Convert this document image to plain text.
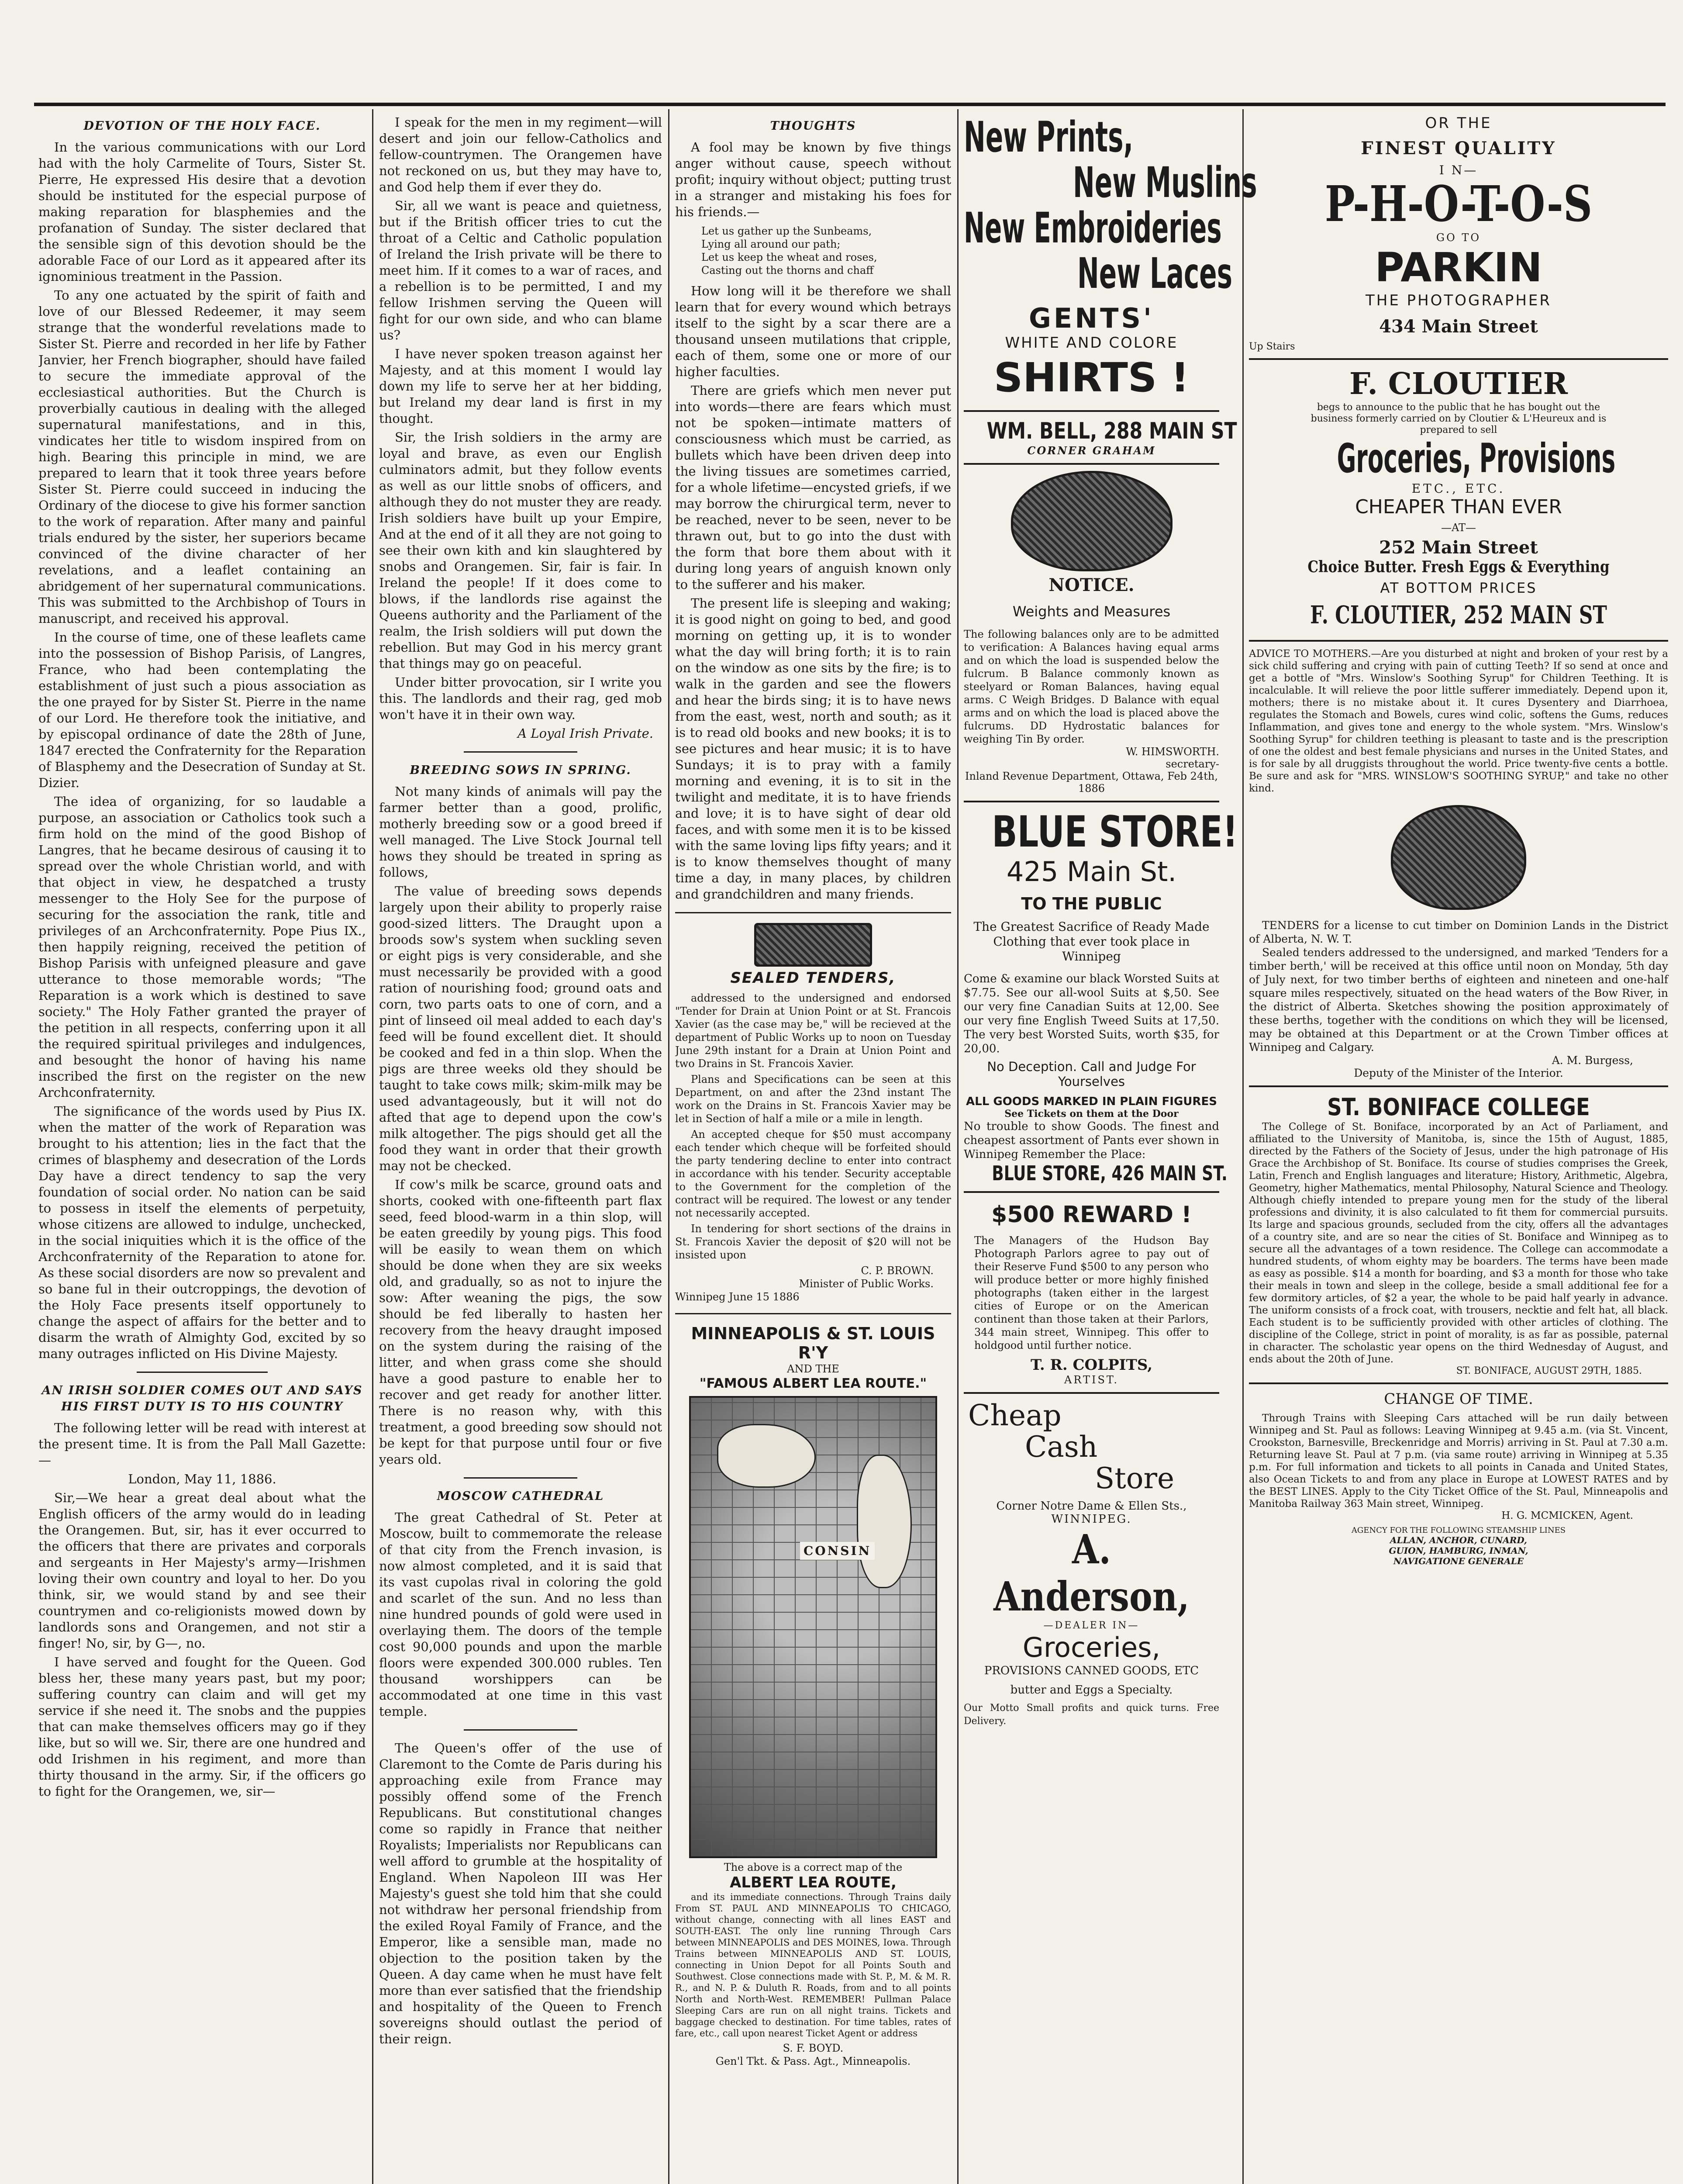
DEVOTION OF THE HOLY FACE.

In the various communications with our Lord had with the holy Carmelite of Tours, Sister St. Pierre, He expressed His desire that a devotion should be instituted for the especial purpose of making reparation for blasphemies and the profanation of Sunday. The sister declared that the sensible sign of this devotion should be the adorable Face of our Lord as it appeared after its ignominious treatment in the Passion.

To any one actuated by the spirit of faith and love of our Blessed Redeemer, it may seem strange that the wonderful revelations made to Sister St. Pierre and recorded in her life by Father Janvier, her French biographer, should have failed to secure the immediate approval of the ecclesiastical authorities. But the Church is proverbially cautious in dealing with the alleged supernatural manifestations, and in this, vindicates her title to wisdom inspired from on high. Bearing this principle in mind, we are prepared to learn that it took three years before Sister St. Pierre could succeed in inducing the Ordinary of the diocese to give his former sanction to the work of reparation. After many and painful trials endured by the sister, her superiors became convinced of the divine character of her revelations, and a leaflet containing an abridgement of her supernatural communications. This was submitted to the Archbishop of Tours in manuscript, and received his approval.

In the course of time, one of these leaflets came into the possession of Bishop Parisis, of Langres, France, who had been contemplating the establishment of just such a pious association as the one prayed for by Sister St. Pierre in the name of our Lord. He therefore took the initiative, and by episcopal ordinance of date the 28th of June, 1847 erected the Confraternity for the Reparation of Blasphemy and the Desecration of Sunday at St. Dizier.

The idea of organizing, for so laudable a purpose, an association or Catholics took such a firm hold on the mind of the good Bishop of Langres, that he became desirous of causing it to spread over the whole Christian world, and with that object in view, he despatched a trusty messenger to the Holy See for the purpose of securing for the association the rank, title and privileges of an Archconfraternity. Pope Pius IX., then happily reigning, received the petition of Bishop Parisis with unfeigned pleasure and gave utterance to those memorable words; "The Reparation is a work which is destined to save society." The Holy Father granted the prayer of the petition in all respects, conferring upon it all the required spiritual privileges and indulgences, and besought the honor of having his name inscribed the first on the register on the new Archconfraternity.

The significance of the words used by Pius IX. when the matter of the work of Reparation was brought to his attention; lies in the fact that the crimes of blasphemy and desecration of the Lords Day have a direct tendency to sap the very foundation of social order. No nation can be said to possess in itself the elements of perpetuity, whose citizens are allowed to indulge, unchecked, in the social iniquities which it is the office of the Archconfraternity of the Reparation to atone for. As these social disorders are now so prevalent and so bane ful in their outcroppings, the devotion of the Holy Face presents itself opportunely to change the aspect of affairs for the better and to disarm the wrath of Almighty God, excited by so many outrages inflicted on His Divine Majesty.

AN IRISH SOLDIER COMES OUT AND SAYS HIS FIRST DUTY IS TO HIS COUNTRY

The following letter will be read with interest at the present time. It is from the Pall Mall Gazette:—

London, May 11, 1886.

Sir,—We hear a great deal about what the English officers of the army would do in leading the Orangemen. But, sir, has it ever occurred to the officers that there are privates and corporals and sergeants in Her Majesty's army—Irishmen loving their own country and loyal to her. Do you think, sir, we would stand by and see their countrymen and co-religionists mowed down by landlords sons and Orangemen, and not stir a finger! No, sir, by G—, no.

I have served and fought for the Queen. God bless her, these many years past, but my poor; suffering country can claim and will get my service if she need it. The snobs and the puppies that can make themselves officers may go if they like, but so will we. Sir, there are one hundred and odd Irishmen in his regiment, and more than thirty thousand in the army. Sir, if the officers go to fight for the Orangemen, we, sir—

I speak for the men in my regiment—will desert and join our fellow-Catholics and fellow-countrymen. The Orangemen have not reckoned on us, but they may have to, and God help them if ever they do.

Sir, all we want is peace and quietness, but if the British officer tries to cut the throat of a Celtic and Catholic population of Ireland the Irish private will be there to meet him. If it comes to a war of races, and a rebellion is to be permitted, I and my fellow Irishmen serving the Queen will fight for our own side, and who can blame us?

I have never spoken treason against her Majesty, and at this moment I would lay down my life to serve her at her bidding, but Ireland my dear land is first in my thought.

Sir, the Irish soldiers in the army are loyal and brave, as even our English culminators admit, but they follow events as well as our little snobs of officers, and although they do not muster they are ready. Irish soldiers have built up your Empire, And at the end of it all they are not going to see their own kith and kin slaughtered by snobs and Orangemen. Sir, fair is fair. In Ireland the people! If it does come to blows, if the landlords rise against the Queens authority and the Parliament of the realm, the Irish soldiers will put down the rebellion. But may God in his mercy grant that things may go on peaceful.

Under bitter provocation, sir I write you this. The landlords and their rag, ged mob won't have it in their own way.

A Loyal Irish Private.
BREEDING SOWS IN SPRING.

Not many kinds of animals will pay the farmer better than a good, prolific, motherly breeding sow or a good breed if well managed. The Live Stock Journal tell hows they should be treated in spring as follows,

The value of breeding sows depends largely upon their ability to properly raise good-sized litters. The Draught upon a broods sow's system when suckling seven or eight pigs is very considerable, and she must necessarily be provided with a good ration of nourishing food; ground oats and corn, two parts oats to one of corn, and a pint of linseed oil meal added to each day's feed will be found excellent diet. It should be cooked and fed in a thin slop. When the pigs are three weeks old they should be taught to take cows milk; skim-milk may be used advantageously, but it will not do afted that age to depend upon the cow's milk altogether. The pigs should get all the food they want in order that their growth may not be checked.

If cow's milk be scarce, ground oats and shorts, cooked with one-fifteenth part flax seed, feed blood-warm in a thin slop, will be eaten greedily by young pigs. This food will be easily to wean them on which should be done when they are six weeks old, and gradually, so as not to injure the sow: After weaning the pigs, the sow should be fed liberally to hasten her recovery from the heavy draught imposed on the system during the raising of the litter, and when grass come she should have a good pasture to enable her to recover and get ready for another litter. There is no reason why, with this treatment, a good breeding sow should not be kept for that purpose until four or five years old.

MOSCOW CATHEDRAL

The great Cathedral of St. Peter at Moscow, built to commemorate the release of that city from the French invasion, is now almost completed, and it is said that its vast cupolas rival in coloring the gold and scarlet of the sun. And no less than nine hundred pounds of gold were used in overlaying them. The doors of the temple cost 90,000 pounds and upon the marble floors were expended 300.000 rubles. Ten thousand worshippers can be accommodated at one time in this vast temple.

The Queen's offer of the use of Claremont to the Comte de Paris during his approaching exile from France may possibly offend some of the French Republicans. But constitutional changes come so rapidly in France that neither Royalists; Imperialists nor Republicans can well afford to grumble at the hospitality of England. When Napoleon III was Her Majesty's guest she told him that she could not withdraw her personal friendship from the exiled Royal Family of France, and the Emperor, like a sensible man, made no objection to the position taken by the Queen. A day came when he must have felt more than ever satisfied that the friendship and hospitality of the Queen to French sovereigns should outlast the period of their reign.

THOUGHTS

A fool may be known by five things anger without cause, speech without profit; inquiry without object; putting trust in a stranger and mistaking his foes for his friends.—

Let us gather up the Sunbeams,
Lying all around our path;
Let us keep the wheat and roses,
Casting out the thorns and chaff

How long will it be therefore we shall learn that for every wound which betrays itself to the sight by a scar there are a thousand unseen mutilations that cripple, each of them, some one or more of our higher faculties.

There are griefs which men never put into words—there are fears which must not be spoken—intimate matters of consciousness which must be carried, as bullets which have been driven deep into the living tissues are sometimes carried, for a whole lifetime—encysted griefs, if we may borrow the chirurgical term, never to be reached, never to be seen, never to be thrawn out, but to go into the dust with the form that bore them about with it during long years of anguish known only to the sufferer and his maker.

The present life is sleeping and waking; it is good night on going to bed, and good morning on getting up, it is to wonder what the day will bring forth; it is to rain on the window as one sits by the fire; is to walk in the garden and see the flowers and hear the birds sing; it is to have news from the east, west, north and south; as it is to read old books and new books; it is to see pictures and hear music; it is to have Sundays; it is to pray with a family morning and evening, it is to sit in the twilight and meditate, it is to have friends and love; it is to have sight of dear old faces, and with some men it is to be kissed with the same loving lips fifty years; and it is to know themselves thought of many time a day, in many places, by children and grandchildren and many friends.

SEALED TENDERS,

addressed to the undersigned and endorsed "Tender for Drain at Union Point or at St. Francois Xavier (as the case may be," will be recieved at the department of Public Works up to noon on Tuesday June 29th instant for a Drain at Union Point and two Drains in St. Francois Xavier.

Plans and Specifications can be seen at this Department, on and after the 23nd instant The work on the Drains in St. Francois Xavier may be let in Section of half a mile or a mile in length.

An accepted cheque for $50 must accompany each tender which cheque will be forfeited should the party tendering decline to enter into contract in accordance with his tender. Security acceptable to the Government for the completion of the contract will be required. The lowest or any tender not necessarily accepted.

In tendering for short sections of the drains in St. Francois Xavier the deposit of $20 will not be insisted upon

C. P. BROWN.
Minister of Public Works.
Winnipeg June 15 1886
MINNEAPOLIS & ST. LOUIS R'Y
AND THE
"FAMOUS ALBERT LEA ROUTE."
CONSIN
The above is a correct map of the
ALBERT LEA ROUTE,

and its immediate connections. Through Trains daily From ST. PAUL AND MINNEAPOLIS TO CHICAGO, without change, connecting with all lines EAST and SOUTH-EAST. The only line running Through Cars between MINNEAPOLIS and DES MOINES, Iowa. Through Trains between MINNEAPOLIS AND ST. LOUIS, connecting in Union Depot for all Points South and Southwest. Close connections made with St. P., M. & M. R. R., and N. P. & Duluth R. Roads, from and to all points North and North-West. REMEMBER! Pullman Palace Sleeping Cars are run on all night trains. Tickets and baggage checked to destination. For time tables, rates of fare, etc., call upon nearest Ticket Agent or address

S. F. BOYD.
Gen'l Tkt. & Pass. Agt., Minneapolis.
New Prints,
New Muslins
New Embroideries
New Laces
GENTS'
WHITE AND COLORE
SHIRTS !
WM. BELL, 288 MAIN ST
CORNER GRAHAM
NOTICE.
Weights and Measures
The following balances only are to be admitted to verification: A Balances having equal arms and on which the load is suspended below the fulcrum. B Balance commonly known as steelyard or Roman Balances, having equal arms. C Weigh Bridges. D Balance with equal arms and on which the load is placed above the fulcrums. DD Hydrostatic balances for weighing Tin By order.
W. HIMSWORTH.
secretary-
Inland Revenue Department, Ottawa, Feb 24th, 1886
BLUE STORE!
425 Main St.
TO THE PUBLIC
The Greatest Sacrifice of Ready Made Clothing that ever took place in Winnipeg
Come & examine our black Worsted Suits at $7.75. See our all-wool Suits at $,50. See our very fine Canadian Suits at 12,00. See our very fine English Tweed Suits at 17,50. The very best Worsted Suits, worth $35, for 20,00.
No Deception. Call and Judge For Yourselves
ALL GOODS MARKED IN PLAIN FIGURES
See Tickets on them at the Door
No trouble to show Goods. The finest and cheapest assortment of Pants ever shown in Winnipeg Remember the Place:
BLUE STORE, 426 MAIN ST.
$500 REWARD !
The Managers of the Hudson Bay Photograph Parlors agree to pay out of their Reserve Fund $500 to any person who will produce better or more highly finished photographs (taken either in the largest cities of Europe or on the American continent than those taken at their Parlors, 344 main street, Winnipeg. This offer to holdgood until further notice.
T. R. COLPITS,
ARTIST.
Cheap
Cash
Store
Corner Notre Dame & Ellen Sts.,
WINNIPEG.
A. Anderson,
—DEALER IN—
Groceries,
PROVISIONS CANNED GOODS, ETC
butter and Eggs a Specialty.
Our Motto Small profits and quick turns. Free Delivery.
OR THE
FINEST QUALITY
I N—
P-H-O-T-O-S
GO TO
PARKIN
THE PHOTOGRAPHER
434 Main Street
Up Stairs
F. CLOUTIER
begs to announce to the public that he has bought out the business formerly carried on by Cloutier & L'Heureux and is prepared to sell
Groceries, Provisions
ETC., ETC.
CHEAPER THAN EVER
—AT—
252 Main Street
Choice Butter. Fresh Eggs & Everything
AT BOTTOM PRICES
F. CLOUTIER, 252 MAIN ST
ADVICE TO MOTHERS.—Are you disturbed at night and broken of your rest by a sick child suffering and crying with pain of cutting Teeth? If so send at once and get a bottle of "Mrs. Winslow's Soothing Syrup" for Children Teething. It is incalculable. It will relieve the poor little sufferer immediately. Depend upon it, mothers; there is no mistake about it. It cures Dysentery and Diarrhoea, regulates the Stomach and Bowels, cures wind colic, softens the Gums, reduces Inflammation, and gives tone and energy to the whole system. "Mrs. Winslow's Soothing Syrup" for children teething is pleasant to taste and is the prescription of one the oldest and best female physicians and nurses in the United States, and is for sale by all druggists throughout the world. Price twenty-five cents a bottle. Be sure and ask for "MRS. WINSLOW'S SOOTHING SYRUP," and take no other kind.
TENDERS for a license to cut timber on Dominion Lands in the District of Alberta, N. W. T.
Sealed tenders addressed to the undersigned, and marked 'Tenders for a timber berth,' will be received at this office until noon on Monday, 5th day of July next, for two timber berths of eighteen and nineteen and one-half square miles respectively, situated on the head waters of the Bow River, in the district of Alberta. Sketches showing the position approximately of these berths, together with the conditions on which they will be licensed, may be obtained at this Department or at the Crown Timber offices at Winnipeg and Calgary.
A. M. Burgess,
Deputy of the Minister of the Interior.
ST. BONIFACE COLLEGE
The College of St. Boniface, incorporated by an Act of Parliament, and affiliated to the University of Manitoba, is, since the 15th of August, 1885, directed by the Fathers of the Society of Jesus, under the high patronage of His Grace the Archbishop of St. Boniface. Its course of studies comprises the Greek, Latin, French and English languages and literature; History, Arithmetic, Algebra, Geometry, higher Mathematics, mental Philosophy, Natural Science and Theology. Although chiefly intended to prepare young men for the study of the liberal professions and divinity, it is also calculated to fit them for commercial pursuits. Its large and spacious grounds, secluded from the city, offers all the advantages of a country site, and are so near the cities of St. Boniface and Winnipeg as to secure all the advantages of a town residence. The College can accommodate a hundred students, of whom eighty may be boarders. The terms have been made as easy as possible. $14 a month for boarding, and $3 a month for those who take their meals in town and sleep in the college, beside a small additional fee for a few dormitory articles, of $2 a year, the whole to be paid half yearly in advance. The uniform consists of a frock coat, with trousers, necktie and felt hat, all black. Each student is to be sufficiently provided with other articles of clothing. The discipline of the College, strict in point of morality, is as far as possible, paternal in character. The scholastic year opens on the third Wednesday of August, and ends about the 20th of June.
ST. BONIFACE, AUGUST 29TH, 1885.
CHANGE OF TIME.
Through Trains with Sleeping Cars attached will be run daily between Winnipeg and St. Paul as follows: Leaving Winnipeg at 9.45 a.m. (via St. Vincent, Crookston, Barnesville, Breckenridge and Morris) arriving in St. Paul at 7.30 a.m. Returning leave St. Paul at 7 p.m. (via same route) arriving in Winnipeg at 5.35 p.m. For full information and tickets to all points in Canada and United States, also Ocean Tickets to and from any place in Europe at LOWEST RATES and by the BEST LINES. Apply to the City Ticket Office of the St. Paul, Minneapolis and Manitoba Railway 363 Main street, Winnipeg.
H. G. MCMICKEN, Agent.
AGENCY FOR THE FOLLOWING STEAMSHIP LINES
ALLAN, ANCHOR, CUNARD,
GUION, HAMBURG, INMAN,
NAVIGATIONE GENERALE
